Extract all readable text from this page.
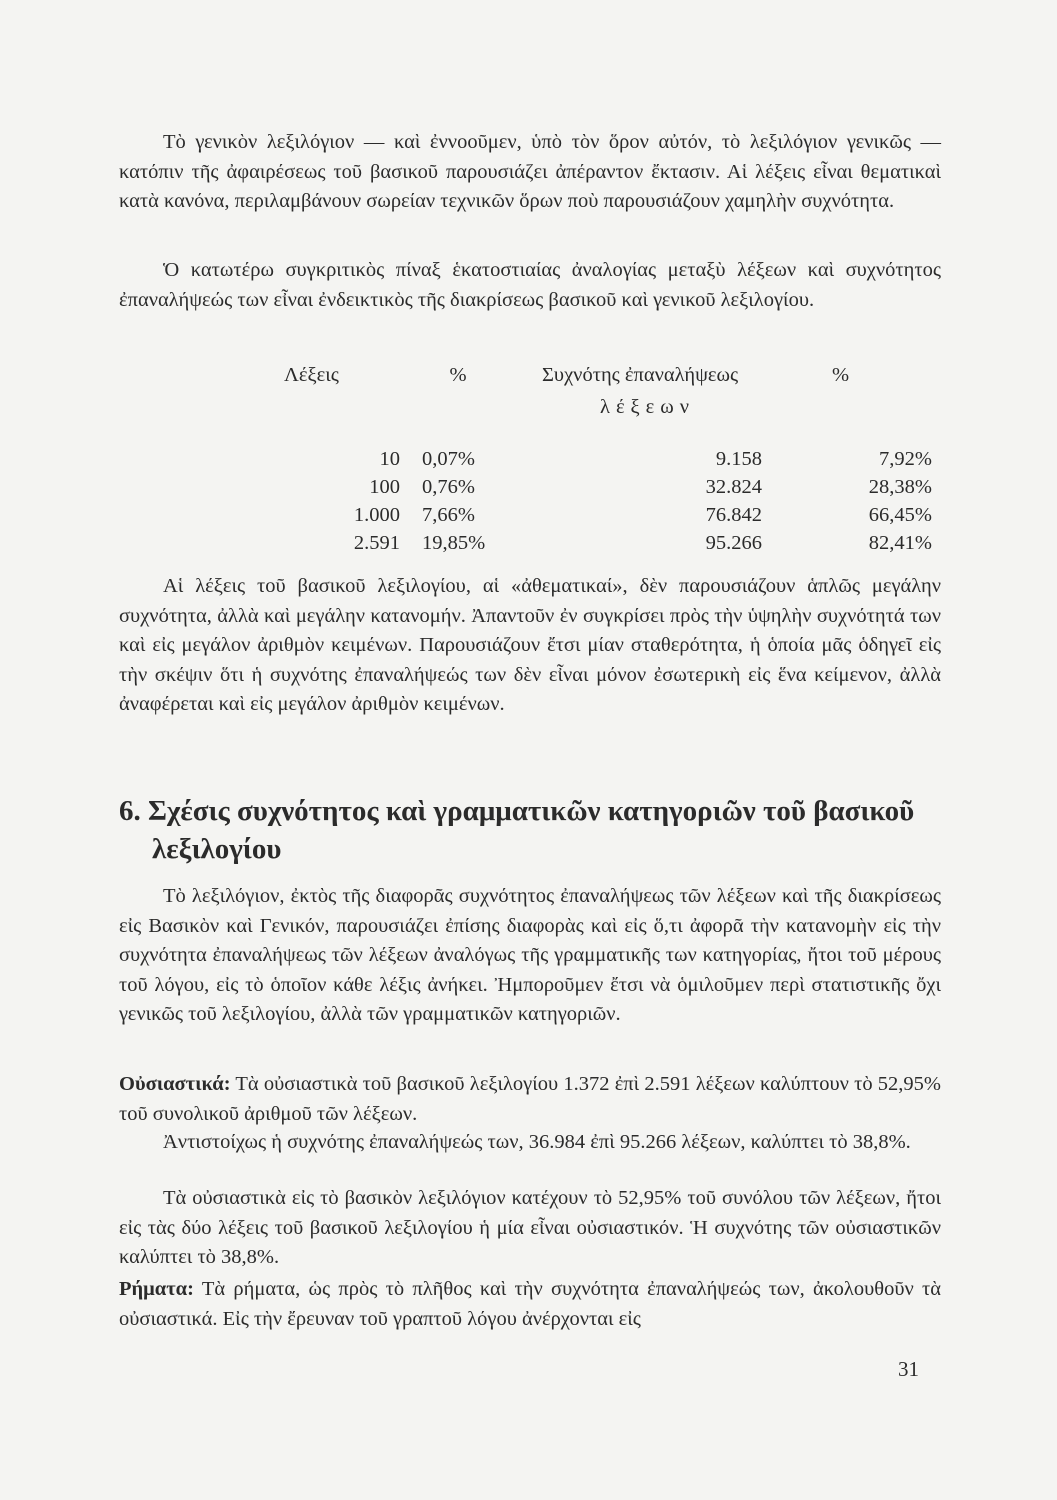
Τὸ γενικὸν λεξιλόγιον — καὶ ἐννοοῦμεν, ὑπὸ τὸν ὅρον αὐτόν, τὸ λεξιλόγιον γενικῶς — κατόπιν τῆς ἀφαιρέσεως τοῦ βασικοῦ παρουσιάζει ἀπέραντον ἔκτασιν. Αἱ λέξεις εἶναι θεματικαὶ κατὰ κανόνα, περιλαμβάνουν σωρείαν τεχνικῶν ὅρων ποὺ παρουσιάζουν χαμηλὴν συχνότητα.

Ὁ κατωτέρω συγκριτικὸς πίναξ ἑκατοστιαίας ἀναλογίας μεταξὺ λέξεων καὶ συχνότητος ἐπαναλήψεώς των εἶναι ἐνδεικτικὸς τῆς διακρίσεως βασικοῦ καὶ γενικοῦ λεξιλογίου.

Λέξεις	%	Συχνότης ἐπαναλήψεως	%
		λέξεων	
10	0,07%	9.158	7,92%
100	0,76%	32.824	28,38%
1.000	7,66%	76.842	66,45%
2.591	19,85%	95.266	82,41%

Αἱ λέξεις τοῦ βασικοῦ λεξιλογίου, αἱ «ἀθεματικαί», δὲν παρουσιάζουν ἁπλῶς μεγάλην συχνότητα, ἀλλὰ καὶ μεγάλην κατανομήν. Ἀπαντοῦν ἐν συγκρίσει πρὸς τὴν ὑψηλὴν συχνότητά των καὶ εἰς μεγάλον ἀριθμὸν κειμένων. Παρουσιάζουν ἔτσι μίαν σταθερότητα, ἡ ὁποία μᾶς ὁδηγεῖ εἰς τὴν σκέψιν ὅτι ἡ συχνότης ἐπαναλήψεώς των δὲν εἶναι μόνον ἐσωτερικὴ εἰς ἕνα κείμενον, ἀλλὰ ἀναφέρεται καὶ εἰς μεγάλον ἀριθμὸν κειμένων.

6. Σχέσις συχνότητος καὶ γραμματικῶν κατηγοριῶν τοῦ βασικοῦ
λεξιλογίου

Τὸ λεξιλόγιον, ἐκτὸς τῆς διαφορᾶς συχνότητος ἐπαναλήψεως τῶν λέξεων καὶ τῆς διακρίσεως εἰς Βασικὸν καὶ Γενικόν, παρουσιάζει ἐπίσης διαφορὰς καὶ εἰς ὅ,τι ἀφορᾶ τὴν κατανομὴν εἰς τὴν συχνότητα ἐπαναλήψεως τῶν λέξεων ἀναλόγως τῆς γραμματικῆς των κατηγορίας, ἤτοι τοῦ μέρους τοῦ λόγου, εἰς τὸ ὁποῖον κάθε λέξις ἀνήκει. Ἠμποροῦμεν ἔτσι νὰ ὁμιλοῦμεν περὶ στατιστικῆς ὄχι γενικῶς τοῦ λεξιλογίου, ἀλλὰ τῶν γραμματικῶν κατηγοριῶν.

Οὐσιαστικά: Τὰ οὐσιαστικὰ τοῦ βασικοῦ λεξιλογίου 1.372 ἐπὶ 2.591 λέξεων καλύπτουν τὸ 52,95% τοῦ συνολικοῦ ἀριθμοῦ τῶν λέξεων.

Ἀντιστοίχως ἡ συχνότης ἐπαναλήψεώς των, 36.984 ἐπὶ 95.266 λέξεων, καλύπτει τὸ 38,8%.

Τὰ οὐσιαστικὰ εἰς τὸ βασικὸν λεξιλόγιον κατέχουν τὸ 52,95% τοῦ συνόλου τῶν λέξεων, ἤτοι εἰς τὰς δύο λέξεις τοῦ βασικοῦ λεξιλογίου ἡ μία εἶναι οὐσιαστικόν. Ἡ συχνότης τῶν οὐσιαστικῶν καλύπτει τὸ 38,8%.

Ρήματα: Τὰ ρήματα, ὡς πρὸς τὸ πλῆθος καὶ τὴν συχνότητα ἐπαναλήψεώς των, ἀκολουθοῦν τὰ οὐσιαστικά. Εἰς τὴν ἔρευναν τοῦ γραπτοῦ λόγου ἀνέρχονται εἰς

31
